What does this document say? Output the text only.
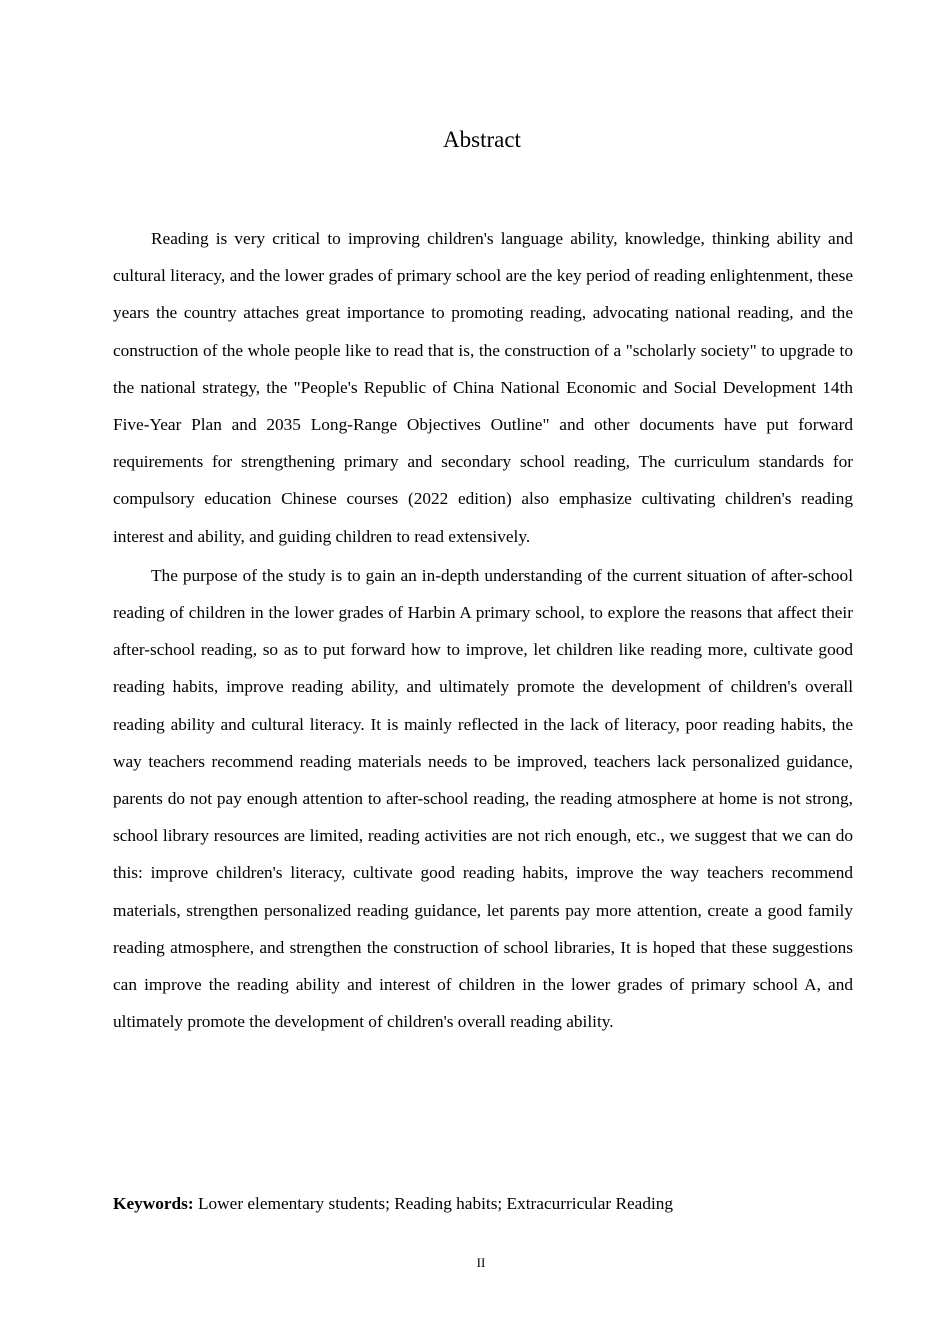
Abstract

Reading is very critical to improving children's language ability, knowledge, thinking ability and cultural literacy, and the lower grades of primary school are the key period of reading enlightenment, these years the country attaches great importance to promoting reading, advocating national reading, and the construction of the whole people like to read that is, the construction of a "scholarly society" to upgrade to the national strategy, the "People's Republic of China National Economic and Social Development 14th Five-Year Plan and 2035 Long-Range Objectives Outline" and other documents have put forward requirements for strengthening primary and secondary school reading, The curriculum standards for compulsory education Chinese courses (2022 edition) also emphasize cultivating children's reading interest and ability, and guiding children to read extensively.

The purpose of the study is to gain an in-depth understanding of the current situation of after-school reading of children in the lower grades of Harbin A primary school, to explore the reasons that affect their after-school reading, so as to put forward how to improve, let children like reading more, cultivate good reading habits, improve reading ability, and ultimately promote the development of children's overall reading ability and cultural literacy. It is mainly reflected in the lack of literacy, poor reading habits, the way teachers recommend reading materials needs to be improved, teachers lack personalized guidance, parents do not pay enough attention to after-school reading, the reading atmosphere at home is not strong, school library resources are limited, reading activities are not rich enough, etc., we suggest that we can do this: improve children's literacy, cultivate good reading habits, improve the way teachers recommend materials, strengthen personalized reading guidance, let parents pay more attention, create a good family reading atmosphere, and strengthen the construction of school libraries, It is hoped that these suggestions can improve the reading ability and interest of children in the lower grades of primary school A, and ultimately promote the development of children's overall reading ability.

Keywords: Lower elementary students; Reading habits; Extracurricular Reading
II
